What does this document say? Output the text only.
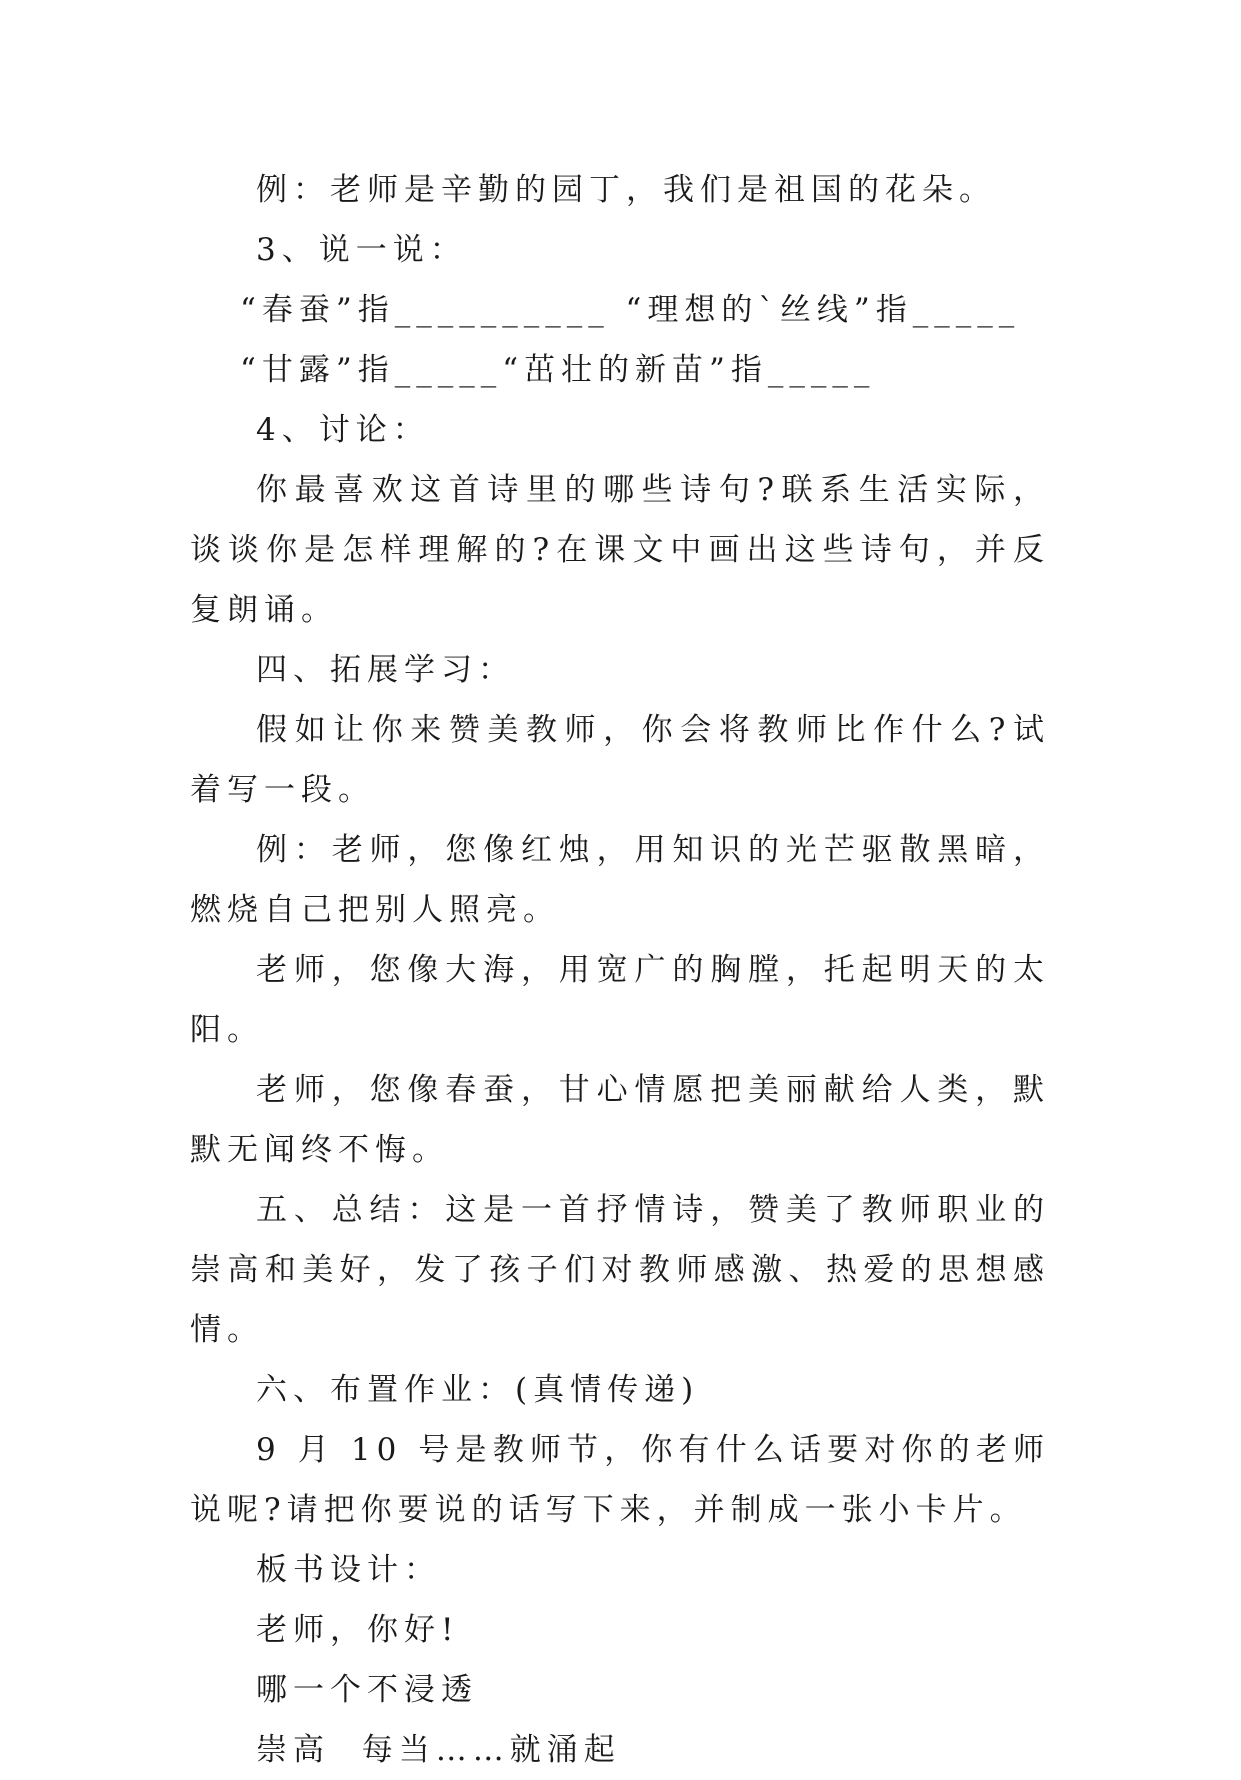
例：老师是辛勤的园丁，我们是祖国的花朵。

3、说一说：

“春蚕”指__________ “理想的`丝线”指_____

“甘露”指_____“茁壮的新苗”指_____

4、讨论：

你最喜欢这首诗里的哪些诗句?联系生活实际，谈谈你是怎样理解的?在课文中画出这些诗句，并反复朗诵。

四、拓展学习：

假如让你来赞美教师，你会将教师比作什么?试着写一段。

例：老师，您像红烛，用知识的光芒驱散黑暗，燃烧自己把别人照亮。

老师，您像大海，用宽广的胸膛，托起明天的太阳。

老师，您像春蚕，甘心情愿把美丽献给人类，默默无闻终不悔。

五、总结：这是一首抒情诗，赞美了教师职业的崇高和美好，发了孩子们对教师感激、热爱的思想感情。

六、布置作业：(真情传递)

9 月 10 号是教师节，你有什么话要对你的老师说呢?请把你要说的话写下来，并制成一张小卡片。

板书设计：

老师，你好!

哪一个不浸透

崇高  每当……就涌起
